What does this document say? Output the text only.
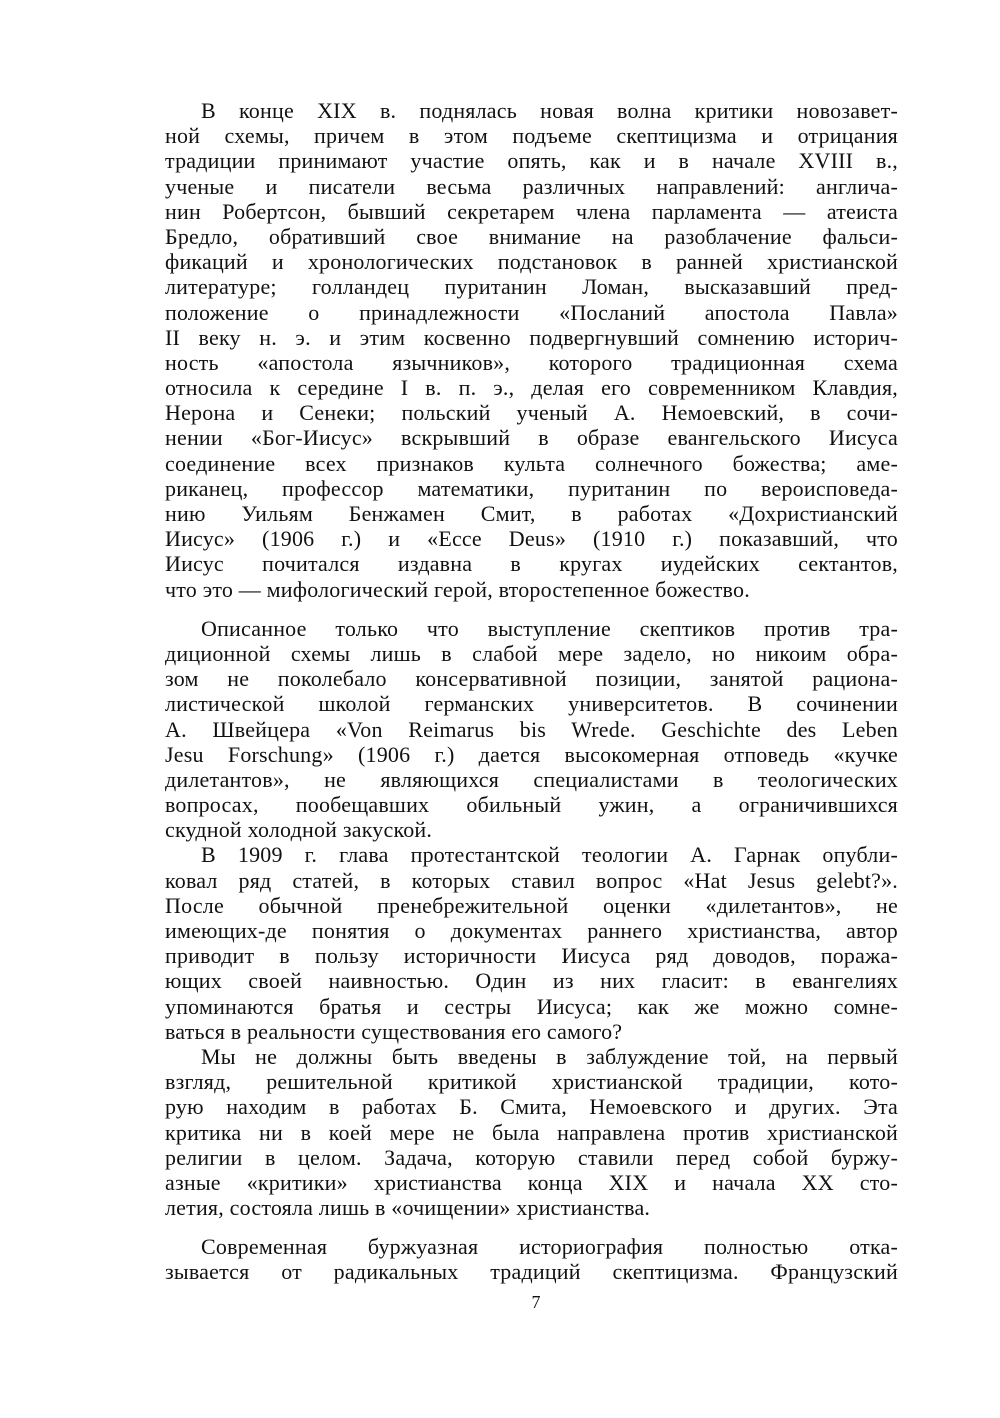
В конце XIX в. поднялась новая волна критики новозавет-
ной схемы, причем в этом подъеме скептицизма и отрицания
традиции принимают участие опять, как и в начале XVIII в.,
ученые и писатели весьма различных направлений: англича-
нин Робертсон, бывший секретарем члена парламента — атеиста
Бредло, обративший свое внимание на разоблачение фальси-
фикаций и хронологических подстановок в ранней христианской
литературе; голландец пуританин Ломан, высказавший пред-
положение о принадлежности «Посланий апостола Павла»
II веку н. э. и этим косвенно подвергнувший сомнению историч-
ность «апостола язычников», которого традиционная схема
относила к середине I в. п. э., делая его современником Клавдия,
Нерона и Сенеки; польский ученый А. Немоевский, в сочи-
нении «Бог-Иисус» вскрывший в образе евангельского Иисуса
соединение всех признаков культа солнечного божества; аме-
риканец, профессор математики, пуританин по вероисповеда-
нию Уильям Бенжамен Смит, в работах «Дохристианский
Иисус» (1906 г.) и «Ecce Deus» (1910 г.) показавший, что
Иисус почитался издавна в кругах иудейских сектантов,
что это — мифологический герой, второстепенное божество.
Описанное только что выступление скептиков против тра-
диционной схемы лишь в слабой мере задело, но никоим обра-
зом не поколебало консервативной позиции, занятой рациона-
листической школой германских университетов. В сочинении
А. Швейцера «Von Reimarus bis Wrede. Geschichte des Leben
Jesu Forschung» (1906 г.) дается высокомерная отповедь «кучке
дилетантов», не являющихся специалистами в теологических
вопросах, пообещавших обильный ужин, а ограничившихся
скудной холодной закуской.
В 1909 г. глава протестантской теологии А. Гарнак опубли-
ковал ряд статей, в которых ставил вопрос «Hat Jesus gelebt?».
После обычной пренебрежительной оценки «дилетантов», не
имеющих-де понятия о документах раннего христианства, автор
приводит в пользу историчности Иисуса ряд доводов, поража-
ющих своей наивностью. Один из них гласит: в евангелиях
упоминаются братья и сестры Иисуса; как же можно сомне-
ваться в реальности существования его самого?
Мы не должны быть введены в заблуждение той, на первый
взгляд, решительной критикой христианской традиции, кото-
рую находим в работах Б. Смита, Немоевского и других. Эта
критика ни в коей мере не была направлена против христианской
религии в целом. Задача, которую ставили перед собой буржу-
азные «критики» христианства конца XIX и начала XX сто-
летия, состояла лишь в «очищении» христианства.
Современная буржуазная историография полностью отка-
зывается от радикальных традиций скептицизма. Французский
7
